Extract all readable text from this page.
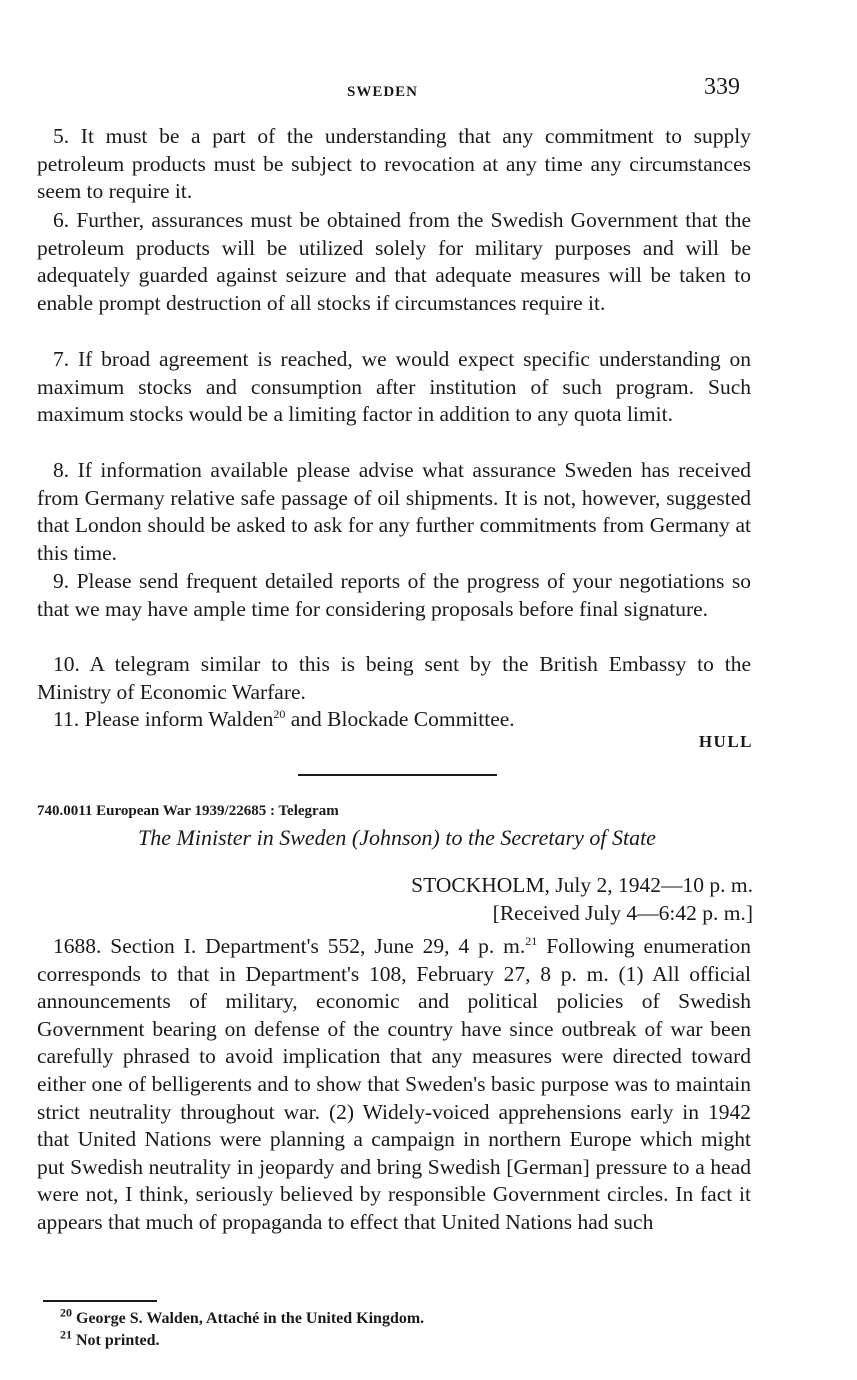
SWEDEN	339

5. It must be a part of the understanding that any commitment to supply petroleum products must be subject to revocation at any time any circumstances seem to require it.

6. Further, assurances must be obtained from the Swedish Government that the petroleum products will be utilized solely for military purposes and will be adequately guarded against seizure and that adequate measures will be taken to enable prompt destruction of all stocks if circumstances require it.

7. If broad agreement is reached, we would expect specific understanding on maximum stocks and consumption after institution of such program. Such maximum stocks would be a limiting factor in addition to any quota limit.

8. If information available please advise what assurance Sweden has received from Germany relative safe passage of oil shipments. It is not, however, suggested that London should be asked to ask for any further commitments from Germany at this time.

9. Please send frequent detailed reports of the progress of your negotiations so that we may have ample time for considering proposals before final signature.

10. A telegram similar to this is being sent by the British Embassy to the Ministry of Economic Warfare.

11. Please inform Walden$^{20}$ and Blockade Committee.

HULL
740.0011 European War 1939/22685 : Telegram
The Minister in Sweden (Johnson) to the Secretary of State
STOCKHOLM, July 2, 1942—10 p. m.
[Received July 4—6:42 p. m.]

1688. Section I. Department's 552, June 29, 4 p. m.$^{21}$ Following enumeration corresponds to that in Department's 108, February 27, 8 p. m. (1) All official announcements of military, economic and political policies of Swedish Government bearing on defense of the country have since outbreak of war been carefully phrased to avoid implication that any measures were directed toward either one of belligerents and to show that Sweden's basic purpose was to maintain strict neutrality throughout war. (2) Widely-voiced apprehensions early in 1942 that United Nations were planning a campaign in northern Europe which might put Swedish neutrality in jeopardy and bring Swedish [German] pressure to a head were not, I think, seriously believed by responsible Government circles. In fact it appears that much of propaganda to effect that United Nations had such

$^{20}$ George S. Walden, Attaché in the United Kingdom.
$^{21}$ Not printed.
